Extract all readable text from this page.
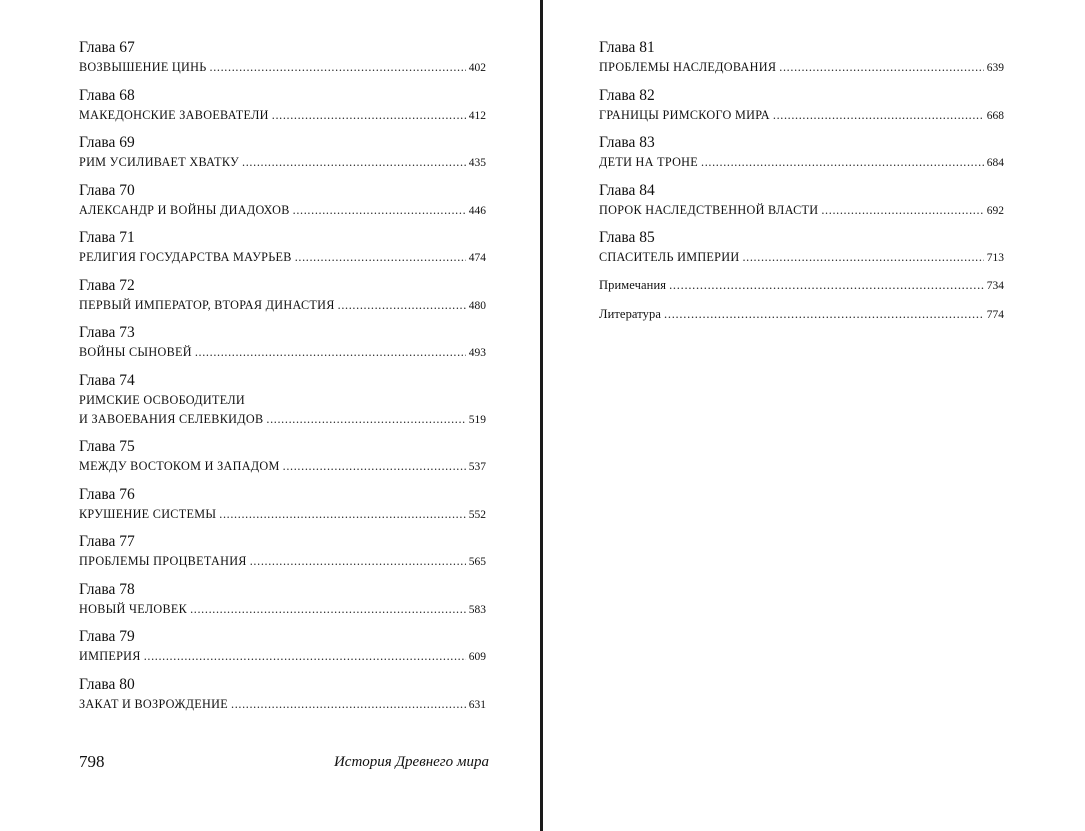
Глава 67
ВОЗВЫШЕНИЕ ЦИНЬ . . .	402
Глава 68
МАКЕДОНСКИЕ ЗАВОЕВАТЕЛИ . . .	412
Глава 69
РИМ УСИЛИВАЕТ ХВАТКУ . . .	435
Глава 70
АЛЕКСАНДР И ВОЙНЫ ДИАДОХОВ . . .	446
Глава 71
РЕЛИГИЯ ГОСУДАРСТВА МАУРЬЕВ . . .	474
Глава 72
ПЕРВЫЙ ИМПЕРАТОР, ВТОРАЯ ДИНАСТИЯ . . .	480
Глава 73
ВОЙНЫ СЫНОВЕЙ . . .	493
Глава 74
РИМСКИЕ ОСВОБОДИТЕЛИ
И ЗАВОЕВАНИЯ СЕЛЕВКИДОВ . . .	519
Глава 75
МЕЖДУ ВОСТОКОМ И ЗАПАДОМ . . .	537
Глава 76
КРУШЕНИЕ СИСТЕМЫ . . .	552
Глава 77
ПРОБЛЕМЫ ПРОЦВЕТАНИЯ . . .	565
Глава 78
НОВЫЙ ЧЕЛОВЕК . . .	583
Глава 79
ИМПЕРИЯ . . .	609
Глава 80
ЗАКАТ И ВОЗРОЖДЕНИЕ . . .	631
798	История Древнего мира
Глава 81
ПРОБЛЕМЫ НАСЛЕДОВАНИЯ . . .	639
Глава 82
ГРАНИЦЫ РИМСКОГО МИРА . . .	668
Глава 83
ДЕТИ НА ТРОНЕ . . .	684
Глава 84
ПОРОК НАСЛЕДСТВЕННОЙ ВЛАСТИ . . .	692
Глава 85
СПАСИТЕЛЬ ИМПЕРИИ . . .	713
Примечания . . .	734
Литература . . .	774
